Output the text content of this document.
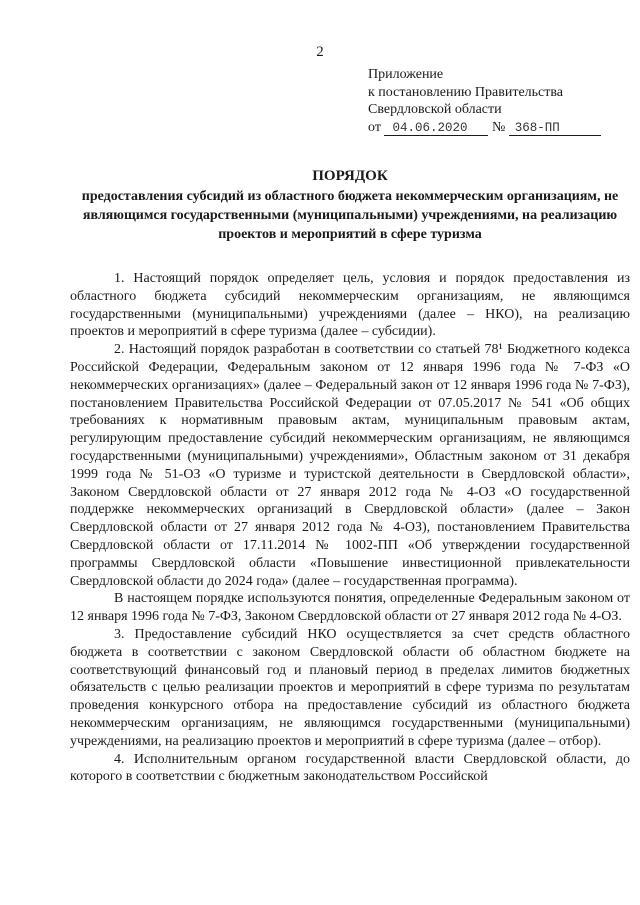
2
Приложение
к постановлению Правительства
Свердловской области
от 04.06.2020 № 368-ПП
ПОРЯДОК
предоставления субсидий из областного бюджета некоммерческим организациям, не являющимся государственными (муниципальными) учреждениями, на реализацию проектов и мероприятий в сфере туризма

1. Настоящий порядок определяет цель, условия и порядок предоставления из областного бюджета субсидий некоммерческим организациям, не являющимся государственными (муниципальными) учреждениями (далее – НКО), на реализацию проектов и мероприятий в сфере туризма (далее – субсидии).

2. Настоящий порядок разработан в соответствии со статьей 78¹ Бюджетного кодекса Российской Федерации, Федеральным законом от 12 января 1996 года № 7-ФЗ «О некоммерческих организациях» (далее – Федеральный закон от 12 января 1996 года № 7-ФЗ), постановлением Правительства Российской Федерации от 07.05.2017 № 541 «Об общих требованиях к нормативным правовым актам, муниципальным правовым актам, регулирующим предоставление субсидий некоммерческим организациям, не являющимся государственными (муниципальными) учреждениями», Областным законом от 31 декабря 1999 года № 51-ОЗ «О туризме и туристской деятельности в Свердловской области», Законом Свердловской области от 27 января 2012 года № 4-ОЗ «О государственной поддержке некоммерческих организаций в Свердловской области» (далее – Закон Свердловской области от 27 января 2012 года № 4-ОЗ), постановлением Правительства Свердловской области от 17.11.2014 № 1002-ПП «Об утверждении государственной программы Свердловской области «Повышение инвестиционной привлекательности Свердловской области до 2024 года» (далее – государственная программа).

В настоящем порядке используются понятия, определенные Федеральным законом от 12 января 1996 года № 7-ФЗ, Законом Свердловской области от 27 января 2012 года № 4-ОЗ.

3. Предоставление субсидий НКО осуществляется за счет средств областного бюджета в соответствии с законом Свердловской области об областном бюджете на соответствующий финансовый год и плановый период в пределах лимитов бюджетных обязательств с целью реализации проектов и мероприятий в сфере туризма по результатам проведения конкурсного отбора на предоставление субсидий из областного бюджета некоммерческим организациям, не являющимся государственными (муниципальными) учреждениями, на реализацию проектов и мероприятий в сфере туризма (далее – отбор).

4. Исполнительным органом государственной власти Свердловской области, до которого в соответствии с бюджетным законодательством Российской
